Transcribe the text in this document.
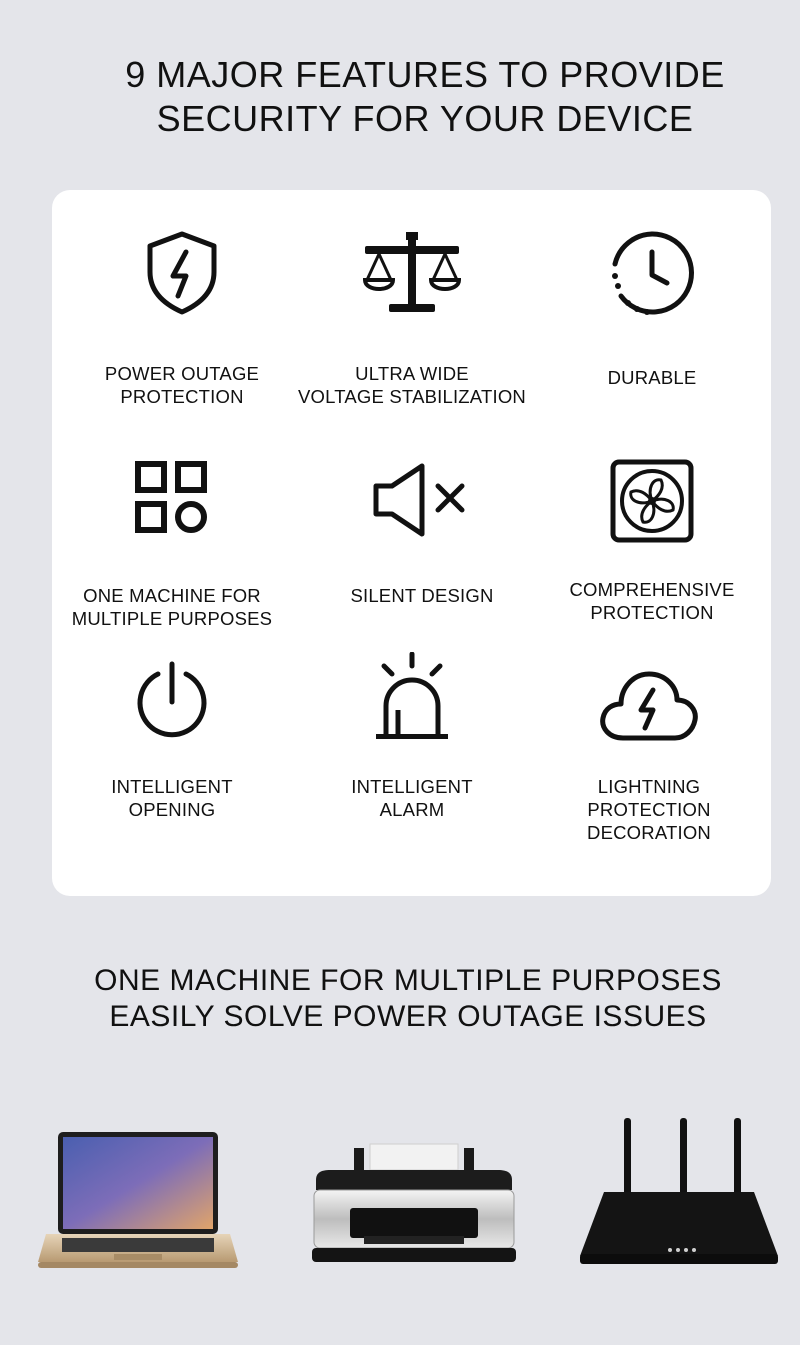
9 MAJOR FEATURES TO PROVIDE
SECURITY FOR YOUR DEVICE
POWER OUTAGE
PROTECTION
ULTRA WIDE
VOLTAGE STABILIZATION
DURABLE
ONE MACHINE FOR
MULTIPLE PURPOSES
SILENT DESIGN	COMPREHENSIVE
PROTECTION
INTELLIGENT
OPENING
INTELLIGENT
ALARM
LIGHTNING
PROTECTION
DECORATION
ONE MACHINE FOR MULTIPLE PURPOSES
EASILY SOLVE POWER OUTAGE ISSUES
